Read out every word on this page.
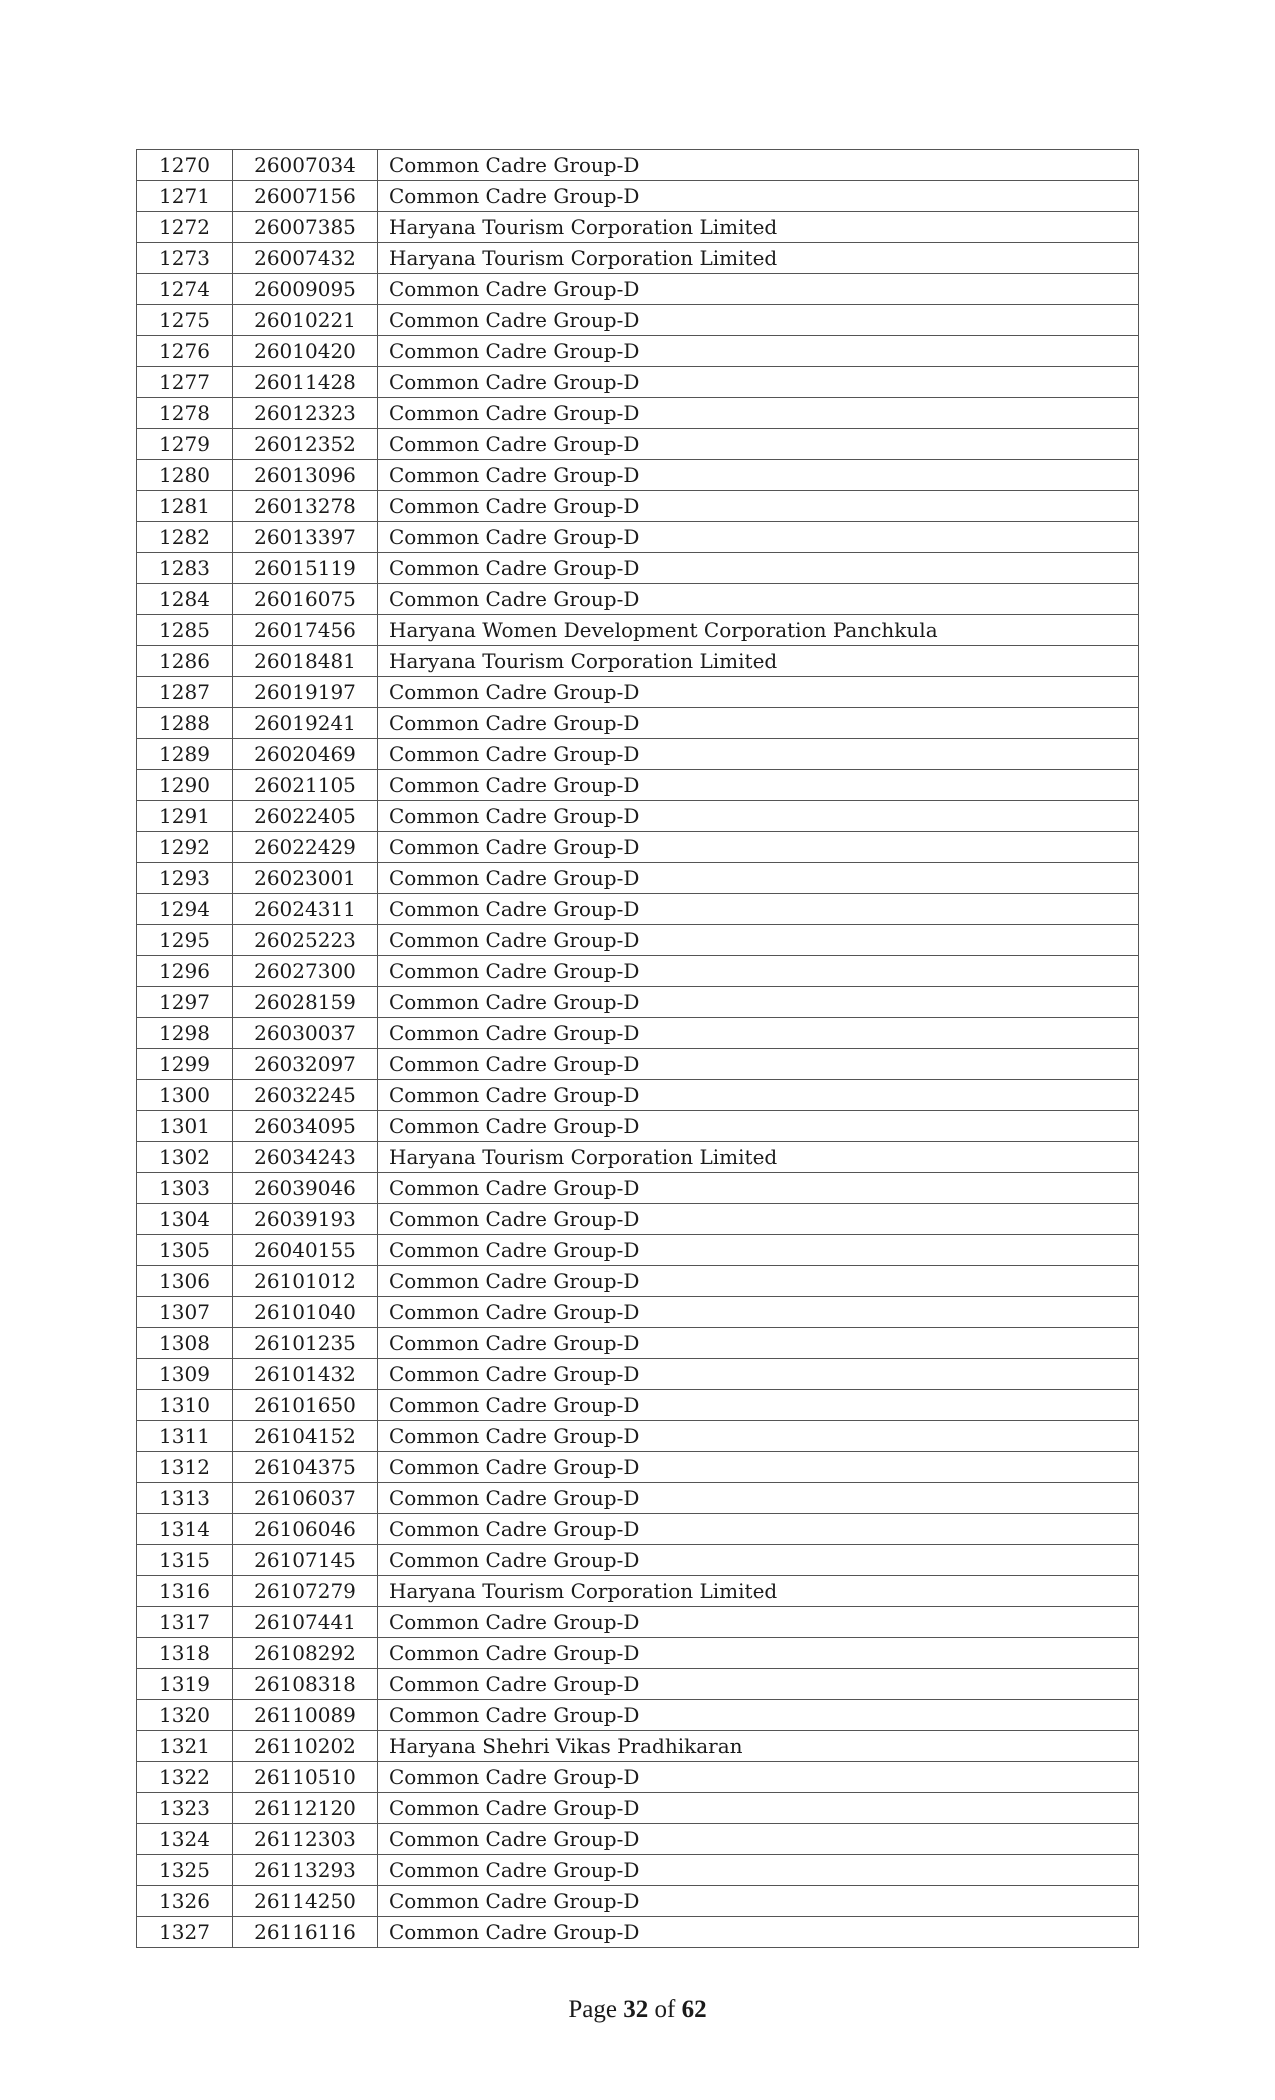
1270	26007034	Common Cadre Group-D
1271	26007156	Common Cadre Group-D
1272	26007385	Haryana Tourism Corporation Limited
1273	26007432	Haryana Tourism Corporation Limited
1274	26009095	Common Cadre Group-D
1275	26010221	Common Cadre Group-D
1276	26010420	Common Cadre Group-D
1277	26011428	Common Cadre Group-D
1278	26012323	Common Cadre Group-D
1279	26012352	Common Cadre Group-D
1280	26013096	Common Cadre Group-D
1281	26013278	Common Cadre Group-D
1282	26013397	Common Cadre Group-D
1283	26015119	Common Cadre Group-D
1284	26016075	Common Cadre Group-D
1285	26017456	Haryana Women Development Corporation Panchkula
1286	26018481	Haryana Tourism Corporation Limited
1287	26019197	Common Cadre Group-D
1288	26019241	Common Cadre Group-D
1289	26020469	Common Cadre Group-D
1290	26021105	Common Cadre Group-D
1291	26022405	Common Cadre Group-D
1292	26022429	Common Cadre Group-D
1293	26023001	Common Cadre Group-D
1294	26024311	Common Cadre Group-D
1295	26025223	Common Cadre Group-D
1296	26027300	Common Cadre Group-D
1297	26028159	Common Cadre Group-D
1298	26030037	Common Cadre Group-D
1299	26032097	Common Cadre Group-D
1300	26032245	Common Cadre Group-D
1301	26034095	Common Cadre Group-D
1302	26034243	Haryana Tourism Corporation Limited
1303	26039046	Common Cadre Group-D
1304	26039193	Common Cadre Group-D
1305	26040155	Common Cadre Group-D
1306	26101012	Common Cadre Group-D
1307	26101040	Common Cadre Group-D
1308	26101235	Common Cadre Group-D
1309	26101432	Common Cadre Group-D
1310	26101650	Common Cadre Group-D
1311	26104152	Common Cadre Group-D
1312	26104375	Common Cadre Group-D
1313	26106037	Common Cadre Group-D
1314	26106046	Common Cadre Group-D
1315	26107145	Common Cadre Group-D
1316	26107279	Haryana Tourism Corporation Limited
1317	26107441	Common Cadre Group-D
1318	26108292	Common Cadre Group-D
1319	26108318	Common Cadre Group-D
1320	26110089	Common Cadre Group-D
1321	26110202	Haryana Shehri Vikas Pradhikaran
1322	26110510	Common Cadre Group-D
1323	26112120	Common Cadre Group-D
1324	26112303	Common Cadre Group-D
1325	26113293	Common Cadre Group-D
1326	26114250	Common Cadre Group-D
1327	26116116	Common Cadre Group-D
Page 32 of 62
